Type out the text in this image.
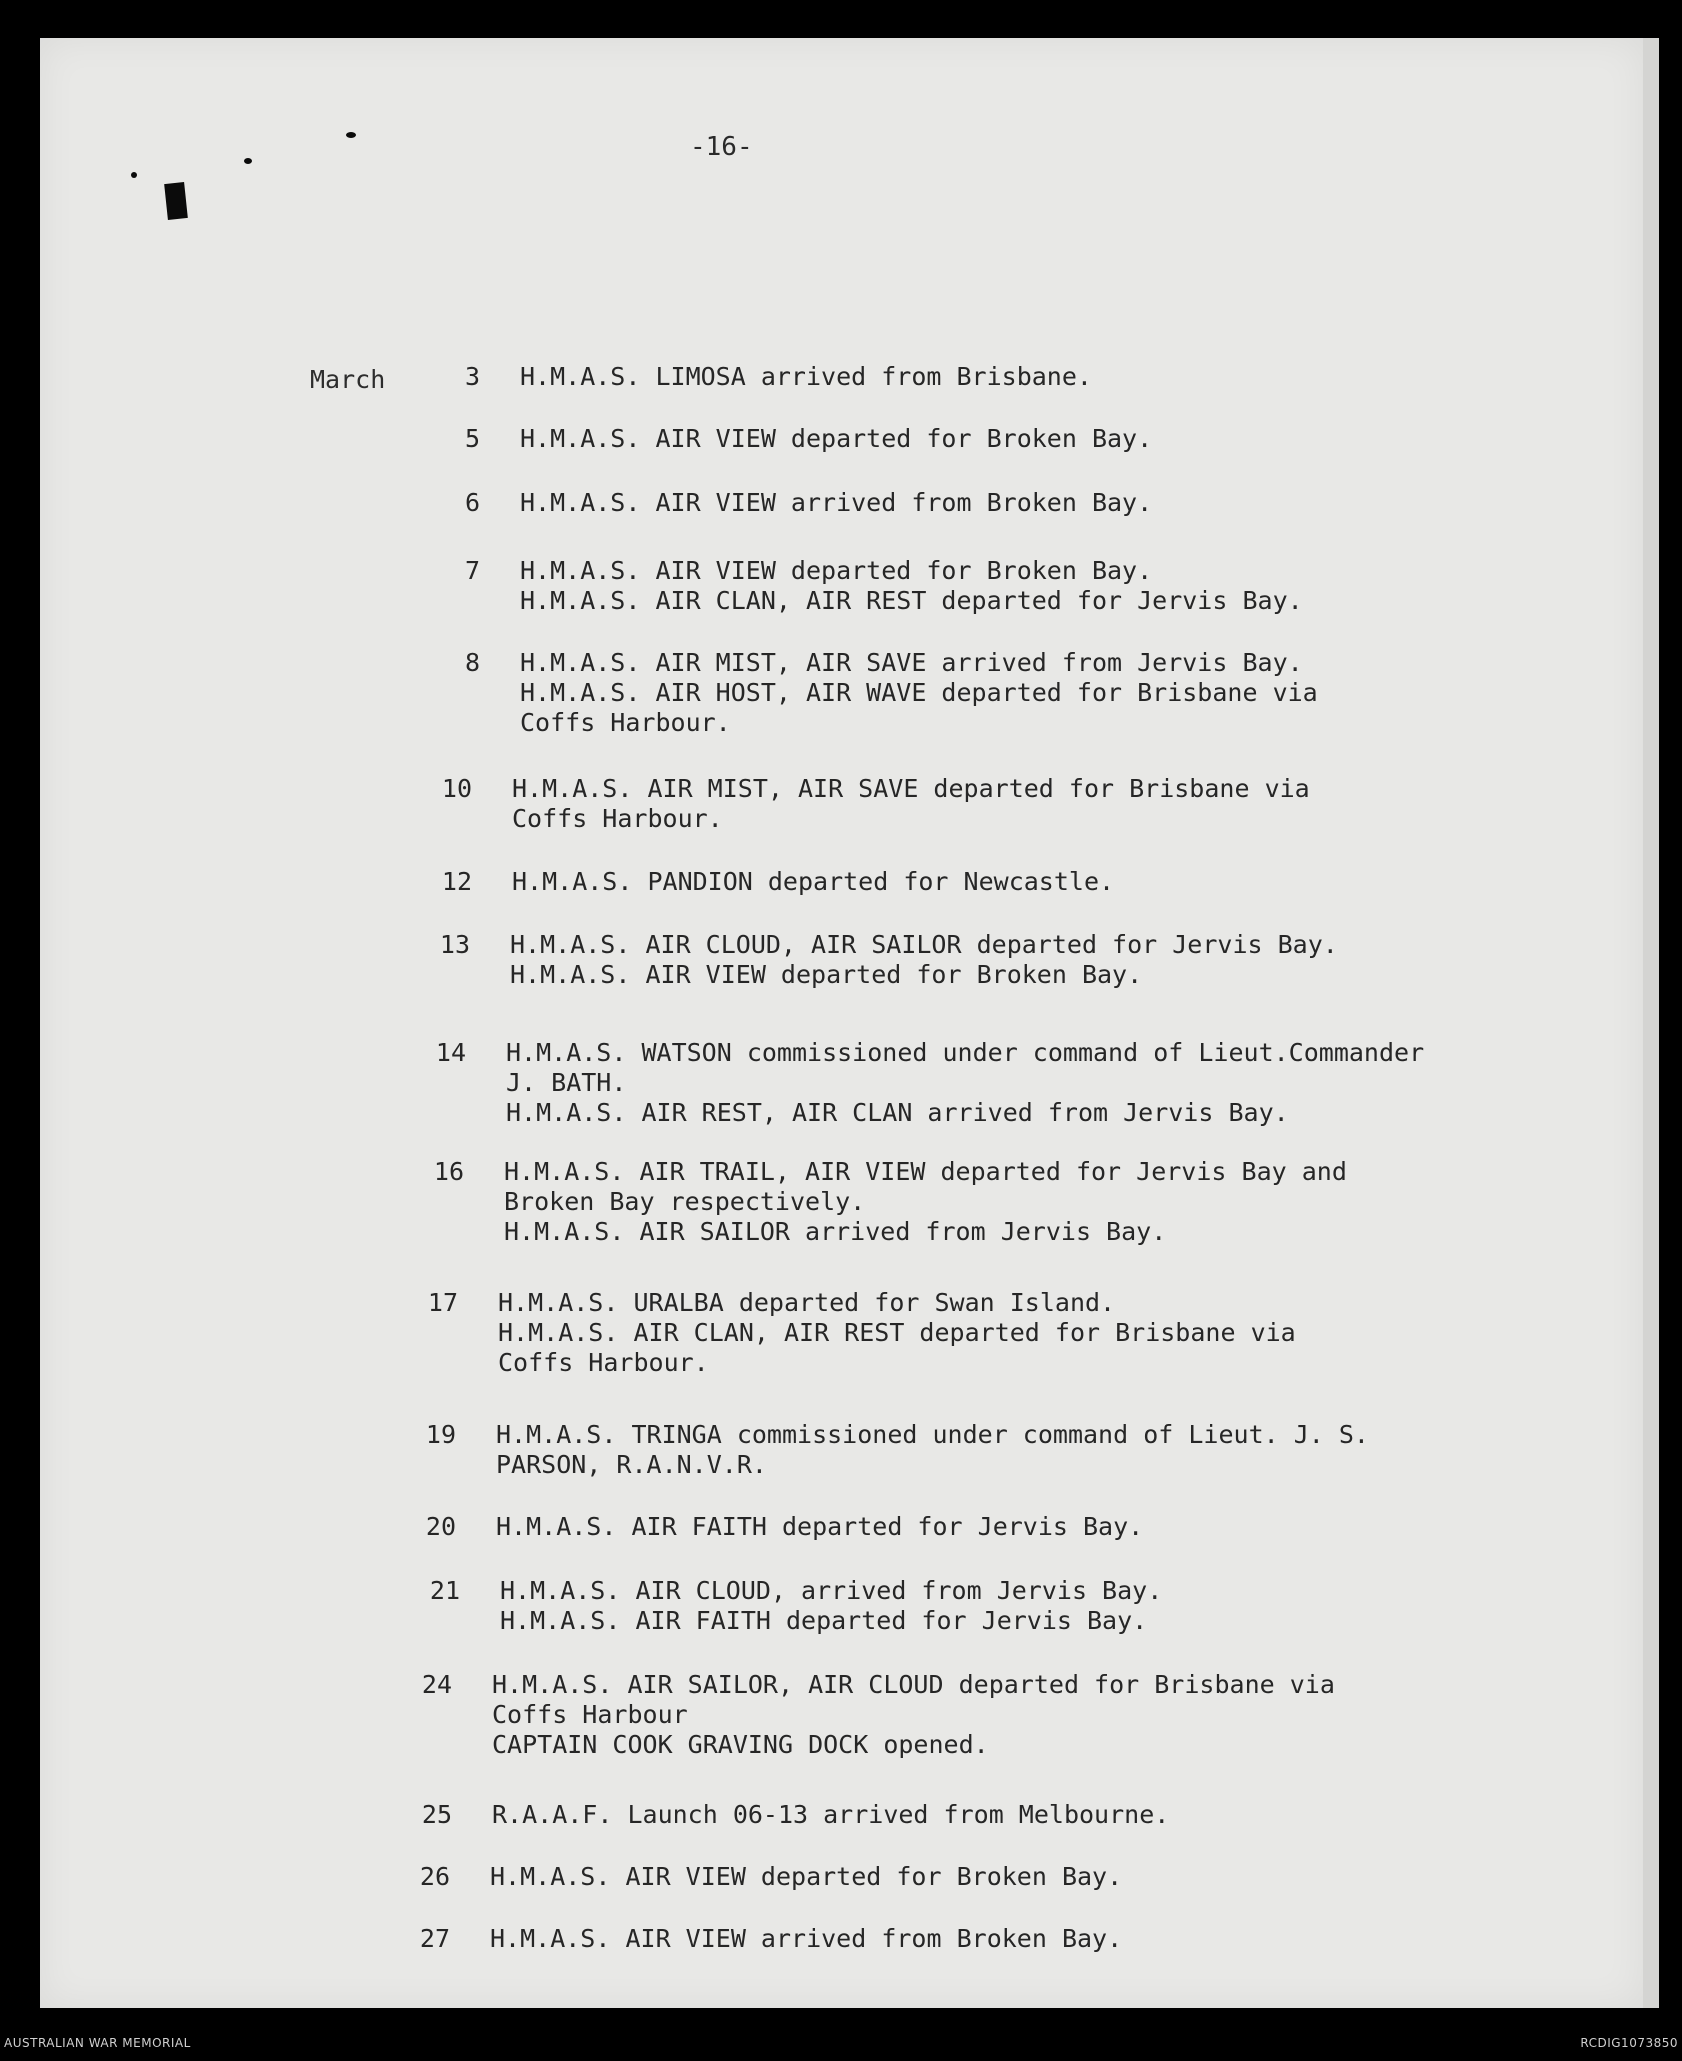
-16-
March	3 H.M.A.S. LIMOSA arrived from Brisbane.
5 H.M.A.S. AIR VIEW departed for Broken Bay.
6 H.M.A.S. AIR VIEW arrived from Broken Bay.
7 H.M.A.S. AIR VIEW departed for Broken Bay.
H.M.A.S. AIR CLAN, AIR REST departed for Jervis Bay.
8 H.M.A.S. AIR MIST, AIR SAVE arrived from Jervis Bay.
H.M.A.S. AIR HOST, AIR WAVE departed for Brisbane via
Coffs Harbour.
10 H.M.A.S. AIR MIST, AIR SAVE departed for Brisbane via
Coffs Harbour.
12 H.M.A.S. PANDION departed for Newcastle.
13 H.M.A.S. AIR CLOUD, AIR SAILOR departed for Jervis Bay.
H.M.A.S. AIR VIEW departed for Broken Bay.
14 H.M.A.S. WATSON commissioned under command of Lieut.Commander
J. BATH.
H.M.A.S. AIR REST, AIR CLAN arrived from Jervis Bay.
16 H.M.A.S. AIR TRAIL, AIR VIEW departed for Jervis Bay and
Broken Bay respectively.
H.M.A.S. AIR SAILOR arrived from Jervis Bay.
17 H.M.A.S. URALBA departed for Swan Island.
H.M.A.S. AIR CLAN, AIR REST departed for Brisbane via
Coffs Harbour.
19 H.M.A.S. TRINGA commissioned under command of Lieut. J. S.
PARSON, R.A.N.V.R.
20 H.M.A.S. AIR FAITH departed for Jervis Bay.
21 H.M.A.S. AIR CLOUD, arrived from Jervis Bay.
H.M.A.S. AIR FAITH departed for Jervis Bay.
24 H.M.A.S. AIR SAILOR, AIR CLOUD departed for Brisbane via
Coffs Harbour
CAPTAIN COOK GRAVING DOCK opened.
25 R.A.A.F. Launch 06-13 arrived from Melbourne.
26 H.M.A.S. AIR VIEW departed for Broken Bay.
27 H.M.A.S. AIR VIEW arrived from Broken Bay.
AUSTRALIAN WAR MEMORIAL	RCDIG1073850
